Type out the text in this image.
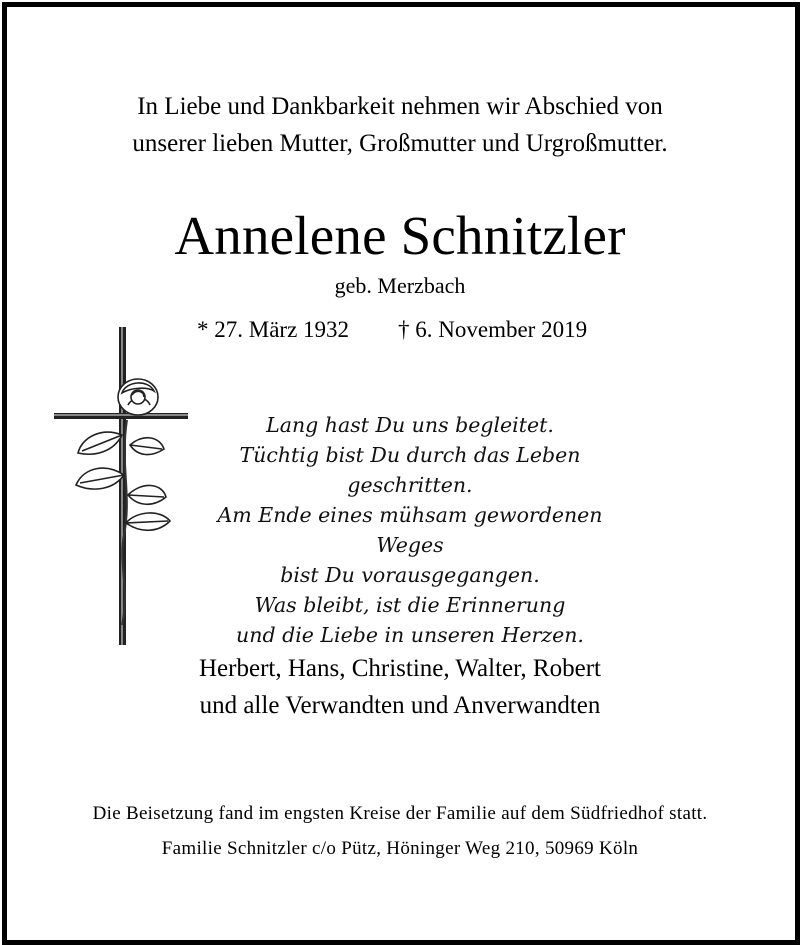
In Liebe und Dankbarkeit nehmen wir Abschied von
unserer lieben Mutter, Großmutter und Urgroßmutter.
Annelene Schnitzler
geb. Merzbach
* 27. März 1932 † 6. November 2019
Lang hast Du uns begleitet.
Tüchtig bist Du durch das Leben geschritten.
Am Ende eines mühsam gewordenen Weges
bist Du vorausgegangen.
Was bleibt, ist die Erinnerung
und die Liebe in unseren Herzen.
Herbert, Hans, Christine, Walter, Robert
und alle Verwandten und Anverwandten
Die Beisetzung fand im engsten Kreise der Familie auf dem Südfriedhof statt.
Familie Schnitzler c/o Pütz, Höninger Weg 210, 50969 Köln
